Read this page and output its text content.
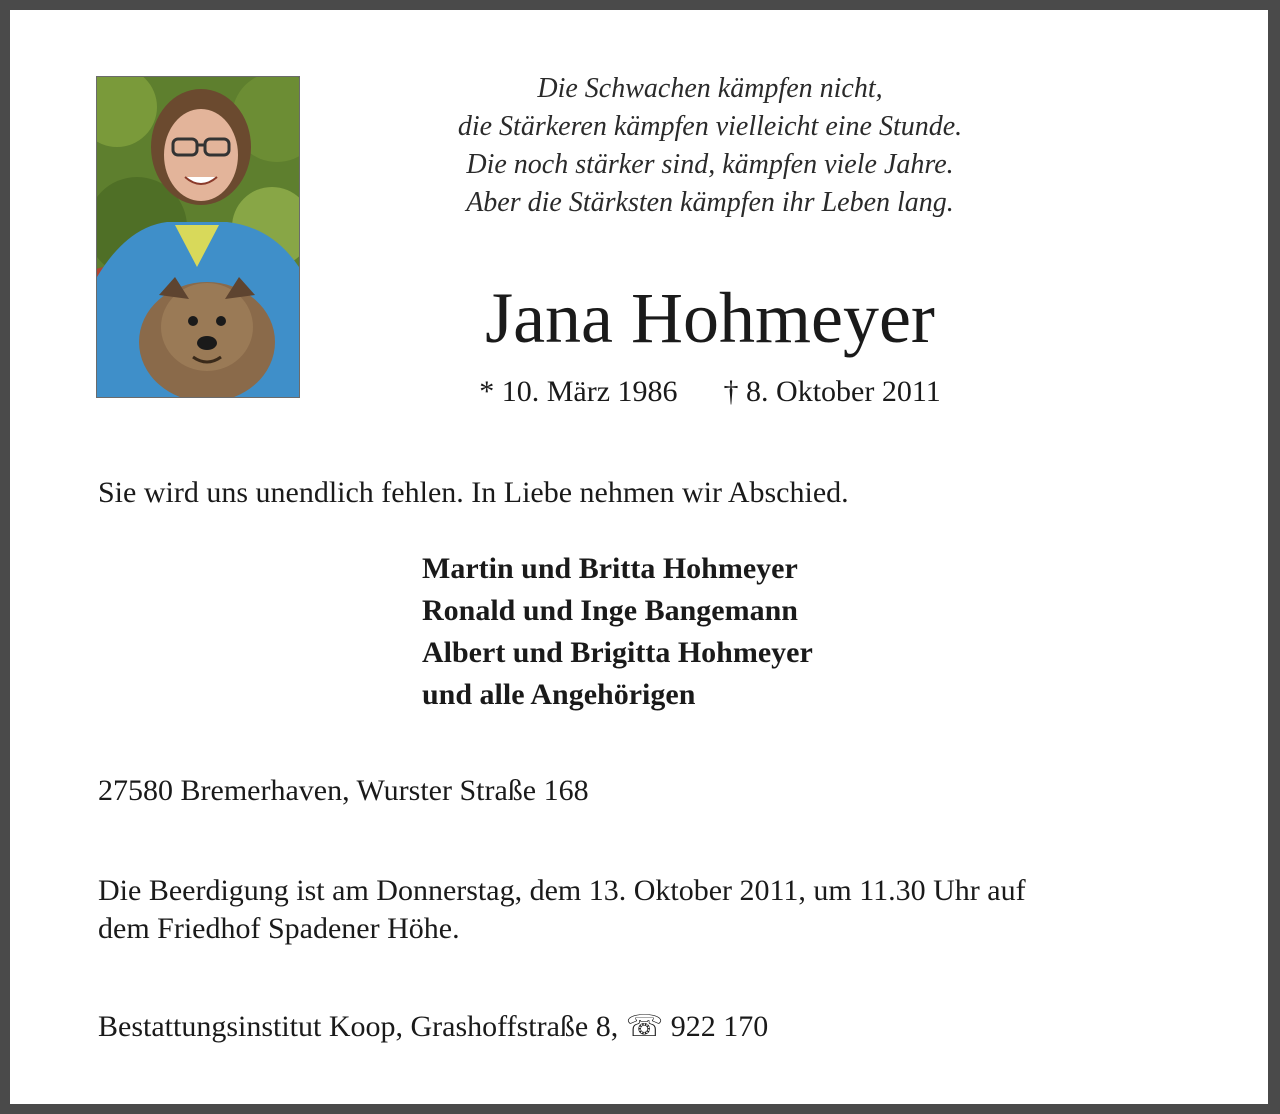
Die Schwachen kämpfen nicht,
die Stärkeren kämpfen vielleicht eine Stunde.
Die noch stärker sind, kämpfen viele Jahre.
Aber die Stärksten kämpfen ihr Leben lang.
Jana Hohmeyer
* 10. März 1986 † 8. Oktober 2011
Sie wird uns unendlich fehlen. In Liebe nehmen wir Abschied.
Martin und Britta Hohmeyer
Ronald und Inge Bangemann
Albert und Brigitta Hohmeyer
und alle Angehörigen
27580 Bremerhaven, Wurster Straße 168
Die Beerdigung ist am Donnerstag, dem 13. Oktober 2011, um 11.30 Uhr auf
dem Friedhof Spadener Höhe.
Bestattungsinstitut Koop, Grashoffstraße 8, ☏ 922 170
